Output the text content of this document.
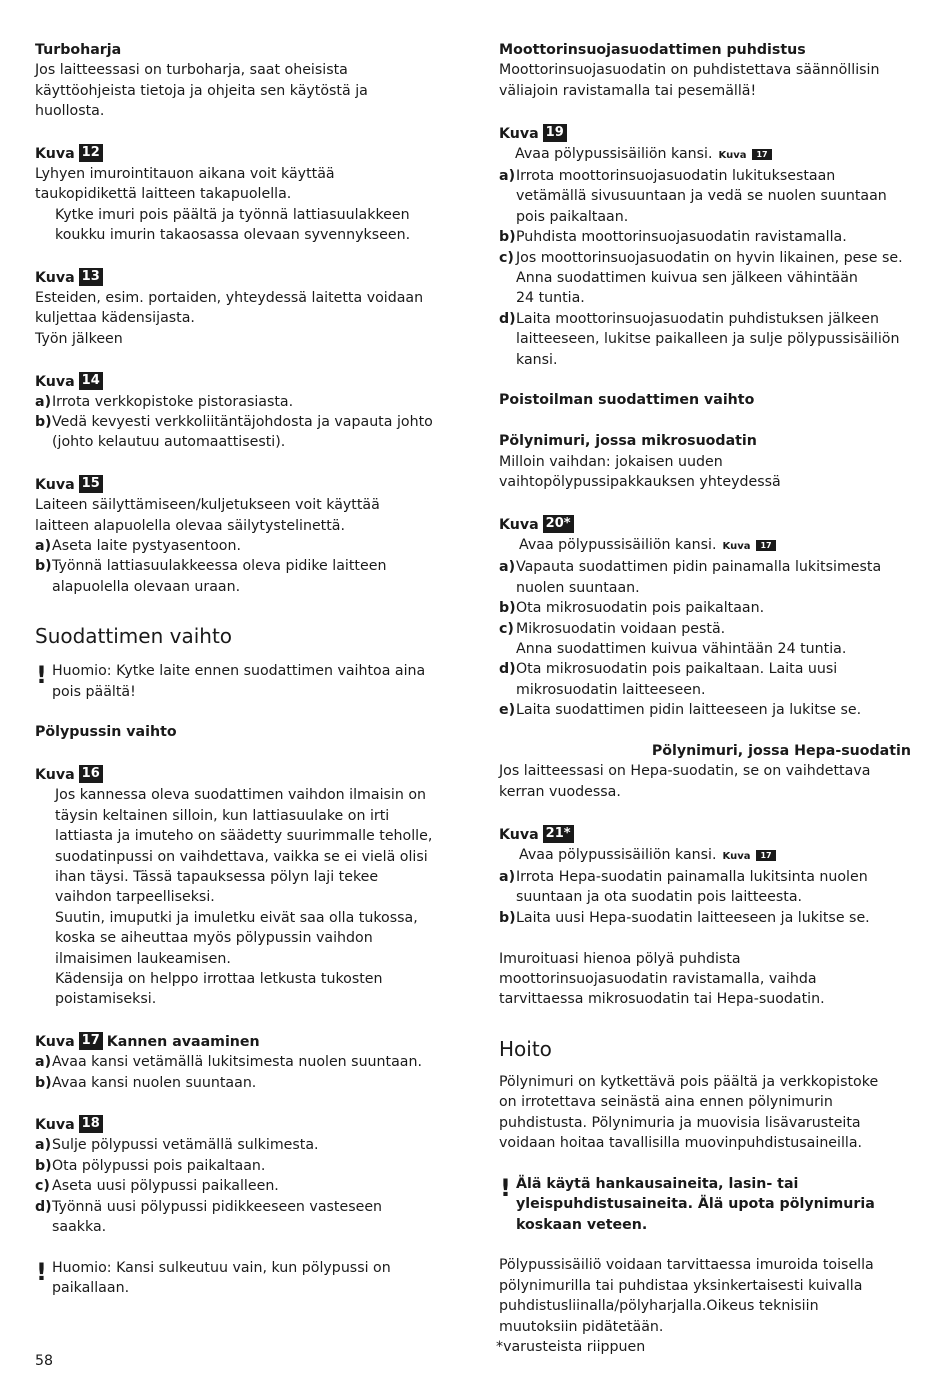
Turboharja

Jos laitteessasi on turboharja, saat oheisista

käyttöohjeista tietoja ja ohjeita sen käytöstä ja

huollosta.

Kuva 12

Lyhyen imurointitauon aikana voit käyttää

taukopidikettä laitteen takapuolella.

Kytke imuri pois päältä ja työnnä lattiasuulakkeen

koukku imurin takaosassa olevaan syvennykseen.

Kuva 13

Esteiden, esim. portaiden, yhteydessä laitetta voidaan

kuljettaa kädensijasta.

Työn jälkeen

Kuva 14
a) Irrota verkkopistoke pistorasiasta.
b) Vedä kevyesti verkkoliitäntäjohdosta ja vapauta johto

(johto kelautuu automaattisesti).

Kuva 15

Laiteen säilyttämiseen/kuljetukseen voit käyttää

laitteen alapuolella olevaa säilytystelinettä.

a) Aseta laite pystyasentoon.
b) Työnnä lattiasuulakkeessa oleva pidike laitteen

alapuolella olevaan uraan.

Suodattimen vaihto
! Huomio: Kytke laite ennen suodattimen vaihtoa aina

pois päältä!

Pölypussin vaihto

Kuva 16

Jos kannessa oleva suodattimen vaihdon ilmaisin on

täysin keltainen silloin, kun lattiasuulake on irti

lattiasta ja imuteho on säädetty suurimmalle teholle,

suodatinpussi on vaihdettava, vaikka se ei vielä olisi

ihan täysi. Tässä tapauksessa pölyn laji tekee

vaihdon tarpeelliseksi.

Suutin, imuputki ja imuletku eivät saa olla tukossa,

koska se aiheuttaa myös pölypussin vaihdon

ilmaisimen laukeamisen.

Kädensija on helppo irrottaa letkusta tukosten

poistamiseksi.

Kuva 17 Kannen avaaminen
a) Avaa kansi vetämällä lukitsimesta nuolen suuntaan.
b) Avaa kansi nuolen suuntaan.
Kuva 18
a) Sulje pölypussi vetämällä sulkimesta.
b) Ota pölypussi pois paikaltaan.
c) Aseta uusi pölypussi paikalleen.
d) Työnnä uusi pölypussi pidikkeeseen vasteseen

saakka.

! Huomio: Kansi sulkeutuu vain, kun pölypussi on

paikallaan.

Moottorinsuojasuodattimen puhdistus

Moottorinsuojasuodatin on puhdistettava säännöllisin

väliajoin ravistamalla tai pesemällä!

Kuva 19

Avaa pölypussisäiliön kansi. Kuva 17

a) Irrota moottorinsuojasuodatin lukituksestaan
vetämällä sivusuuntaan ja vedä se nuolen suuntaan
pois paikaltaan.
b) Puhdista moottorinsuojasuodatin ravistamalla.
c) Jos moottorinsuojasuodatin on hyvin likainen, pese se.
Anna suodattimen kuivua sen jälkeen vähintään
24 tuntia.
d) Laita moottorinsuojasuodatin puhdistuksen jälkeen
laitteeseen, lukitse paikalleen ja sulje pölypussisäiliön
kansi.

Poistoilman suodattimen vaihto

Pölynimuri, jossa mikrosuodatin

Milloin vaihdan: jokaisen uuden

vaihtopölypussipakkauksen yhteydessä

Kuva 20*

Avaa pölypussisäiliön kansi. Kuva 17

a) Vapauta suodattimen pidin painamalla lukitsimesta
nuolen suuntaan.
b) Ota mikrosuodatin pois paikaltaan.
c) Mikrosuodatin voidaan pestä.
Anna suodattimen kuivua vähintään 24 tuntia.
d) Ota mikrosuodatin pois paikaltaan. Laita uusi
mikrosuodatin laitteeseen.
e) Laita suodattimen pidin laitteeseen ja lukitse se.

Pölynimuri, jossa Hepa-suodatin

Jos laitteessasi on Hepa-suodatin, se on vaihdettava

kerran vuodessa.

Kuva 21*

Avaa pölypussisäiliön kansi. Kuva 17

a) Irrota Hepa-suodatin painamalla lukitsinta nuolen
suuntaan ja ota suodatin pois laitteesta.
b) Laita uusi Hepa-suodatin laitteeseen ja lukitse se.

Imuroituasi hienoa pölyä puhdista

moottorinsuojasuodatin ravistamalla, vaihda

tarvittaessa mikrosuodatin tai Hepa-suodatin.

Hoito

Pölynimuri on kytkettävä pois päältä ja verkkopistoke

on irrotettava seinästä aina ennen pölynimurin

puhdistusta. Pölynimuria ja muovisia lisävarusteita

voidaan hoitaa tavallisilla muovinpuhdistusaineilla.

! Älä käytä hankausaineita, lasin- tai

yleispuhdistusaineita. Älä upota pölynimuria

koskaan veteen.

Pölypussisäiliö voidaan tarvittaessa imuroida toisella

pölynimurilla tai puhdistaa yksinkertaisesti kuivalla

puhdistusliinalla/pölyharjalla.Oikeus teknisiin

muutoksiin pidätetään.

*varusteista riippuen

58
